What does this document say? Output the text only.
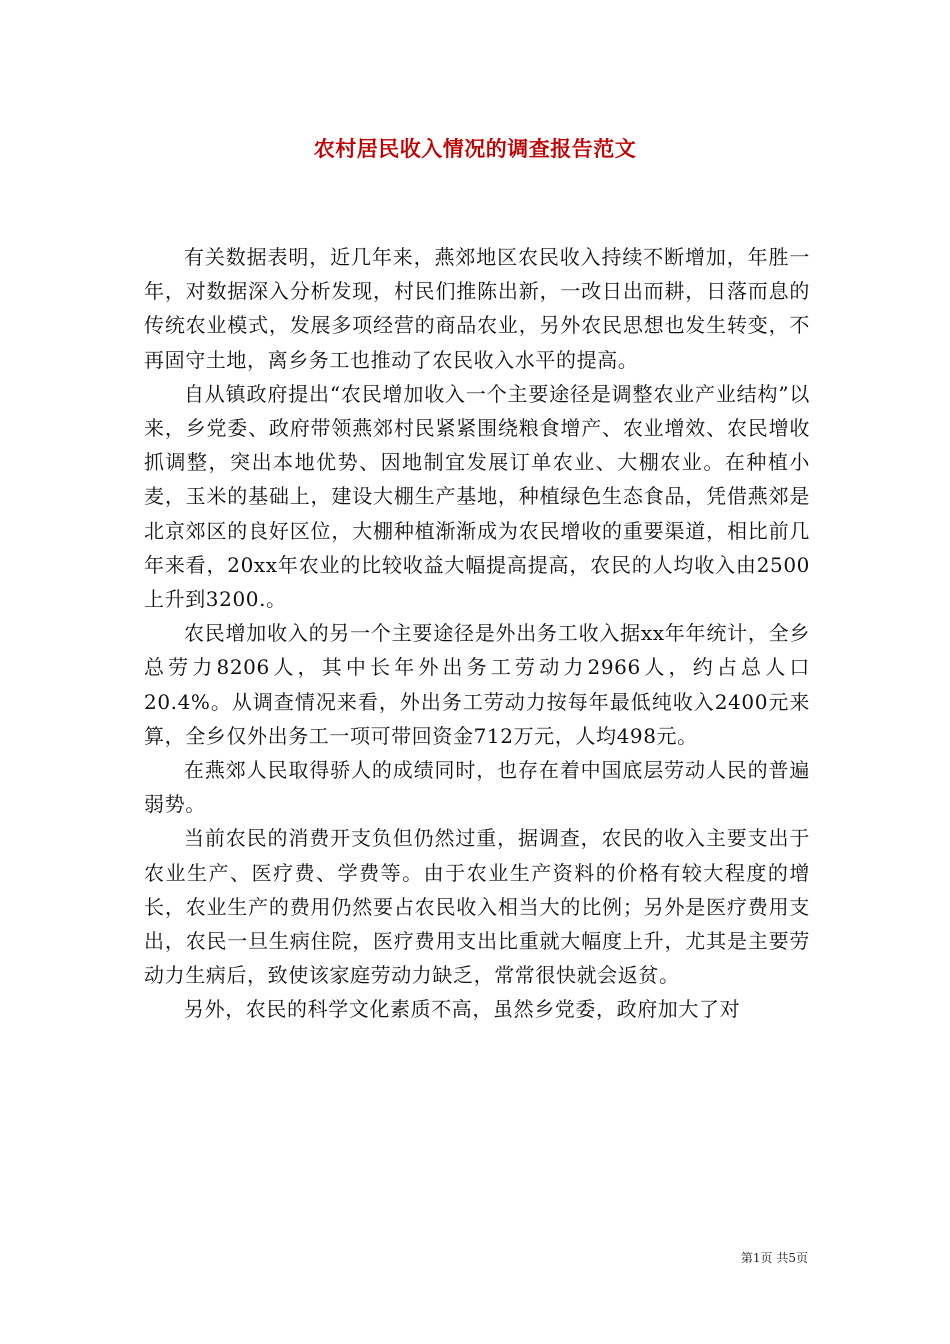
农村居民收入情况的调查报告范文

有关数据表明，近几年来，燕郊地区农民收入持续不断增加，年胜一年，对数据深入分析发现，村民们推陈出新，一改日出而耕，日落而息的传统农业模式，发展多项经营的商品农业，另外农民思想也发生转变，不再固守土地，离乡务工也推动了农民收入水平的提高。

自从镇政府提出“农民增加收入一个主要途径是调整农业产业结构”以来，乡党委、政府带领燕郊村民紧紧围绕粮食增产、农业增效、农民增收抓调整，突出本地优势、因地制宜发展订单农业、大棚农业。在种植小麦，玉米的基础上，建设大棚生产基地，种植绿色生态食品，凭借燕郊是北京郊区的良好区位，大棚种植渐渐成为农民增收的重要渠道，相比前几年来看，20xx年农业的比较收益大幅提高提高，农民的人均收入由2500上升到3200.。

农民增加收入的另一个主要途径是外出务工收入据xx年年统计，全乡总劳力8206人，其中长年外出务工劳动力2966人，约占总人口20.4%。从调查情况来看，外出务工劳动力按每年最低纯收入2400元来算，全乡仅外出务工一项可带回资金712万元，人均498元。

在燕郊人民取得骄人的成绩同时，也存在着中国底层劳动人民的普遍弱势。

当前农民的消费开支负但仍然过重，据调查，农民的收入主要支出于农业生产、医疗费、学费等。由于农业生产资料的价格有较大程度的增长，农业生产的费用仍然要占农民收入相当大的比例；另外是医疗费用支出，农民一旦生病住院，医疗费用支出比重就大幅度上升，尤其是主要劳动力生病后，致使该家庭劳动力缺乏，常常很快就会返贫。

另外，农民的科学文化素质不高，虽然乡党委，政府加大了对

第1页 共5页
